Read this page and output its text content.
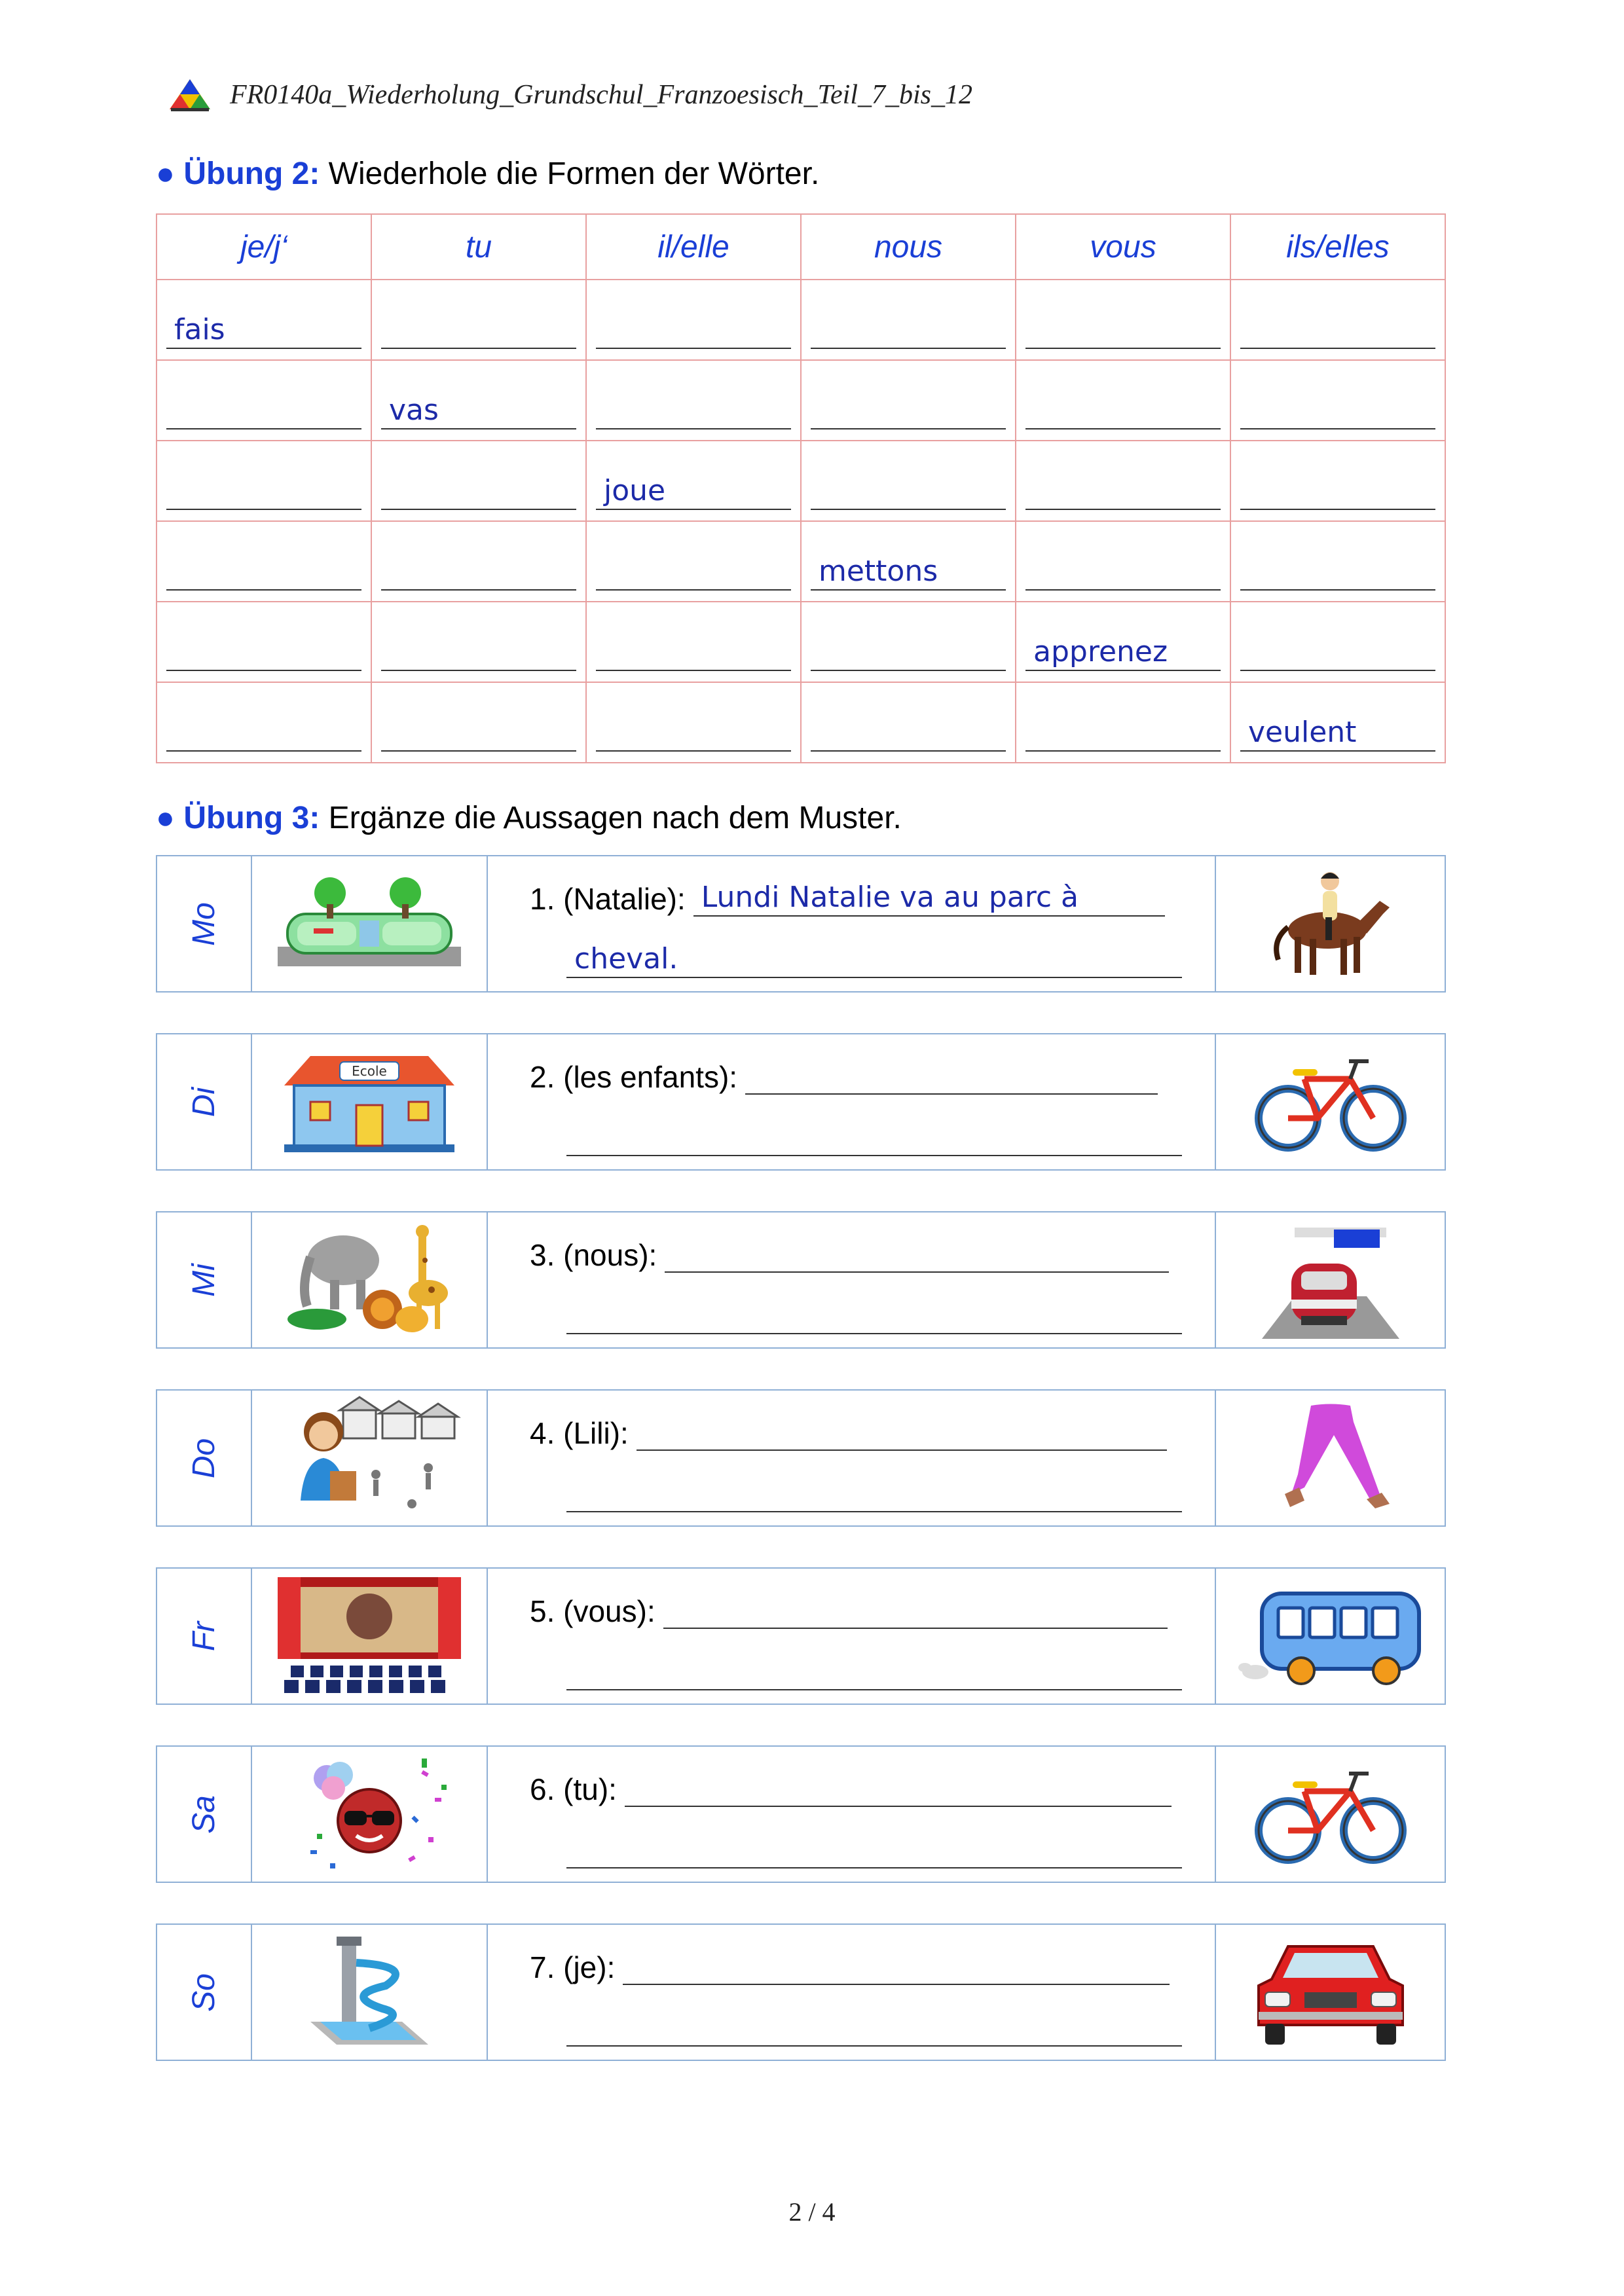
FR0140a_Wiederholung_Grundschul_Franzoesisch_Teil_7_bis_12
● Übung 2: Wiederhole die Formen der Wörter.
je/j‘	tu	il/elle	nous	vous	ils/elles

fais					

	vas				

		joue			

			mettons		

				apprenez	

					veulent
● Übung 3: Ergänze die Aussagen nach dem Muster.
Mo
1. (Natalie): Lundi Natalie va au parc à
cheval.
Di
Ecole	2. (les enfants):
Mi
3. (nous):
Do
4. (Lili):
Fr
5. (vous):
Sa
6. (tu):
So
7. (je):
2 / 4
